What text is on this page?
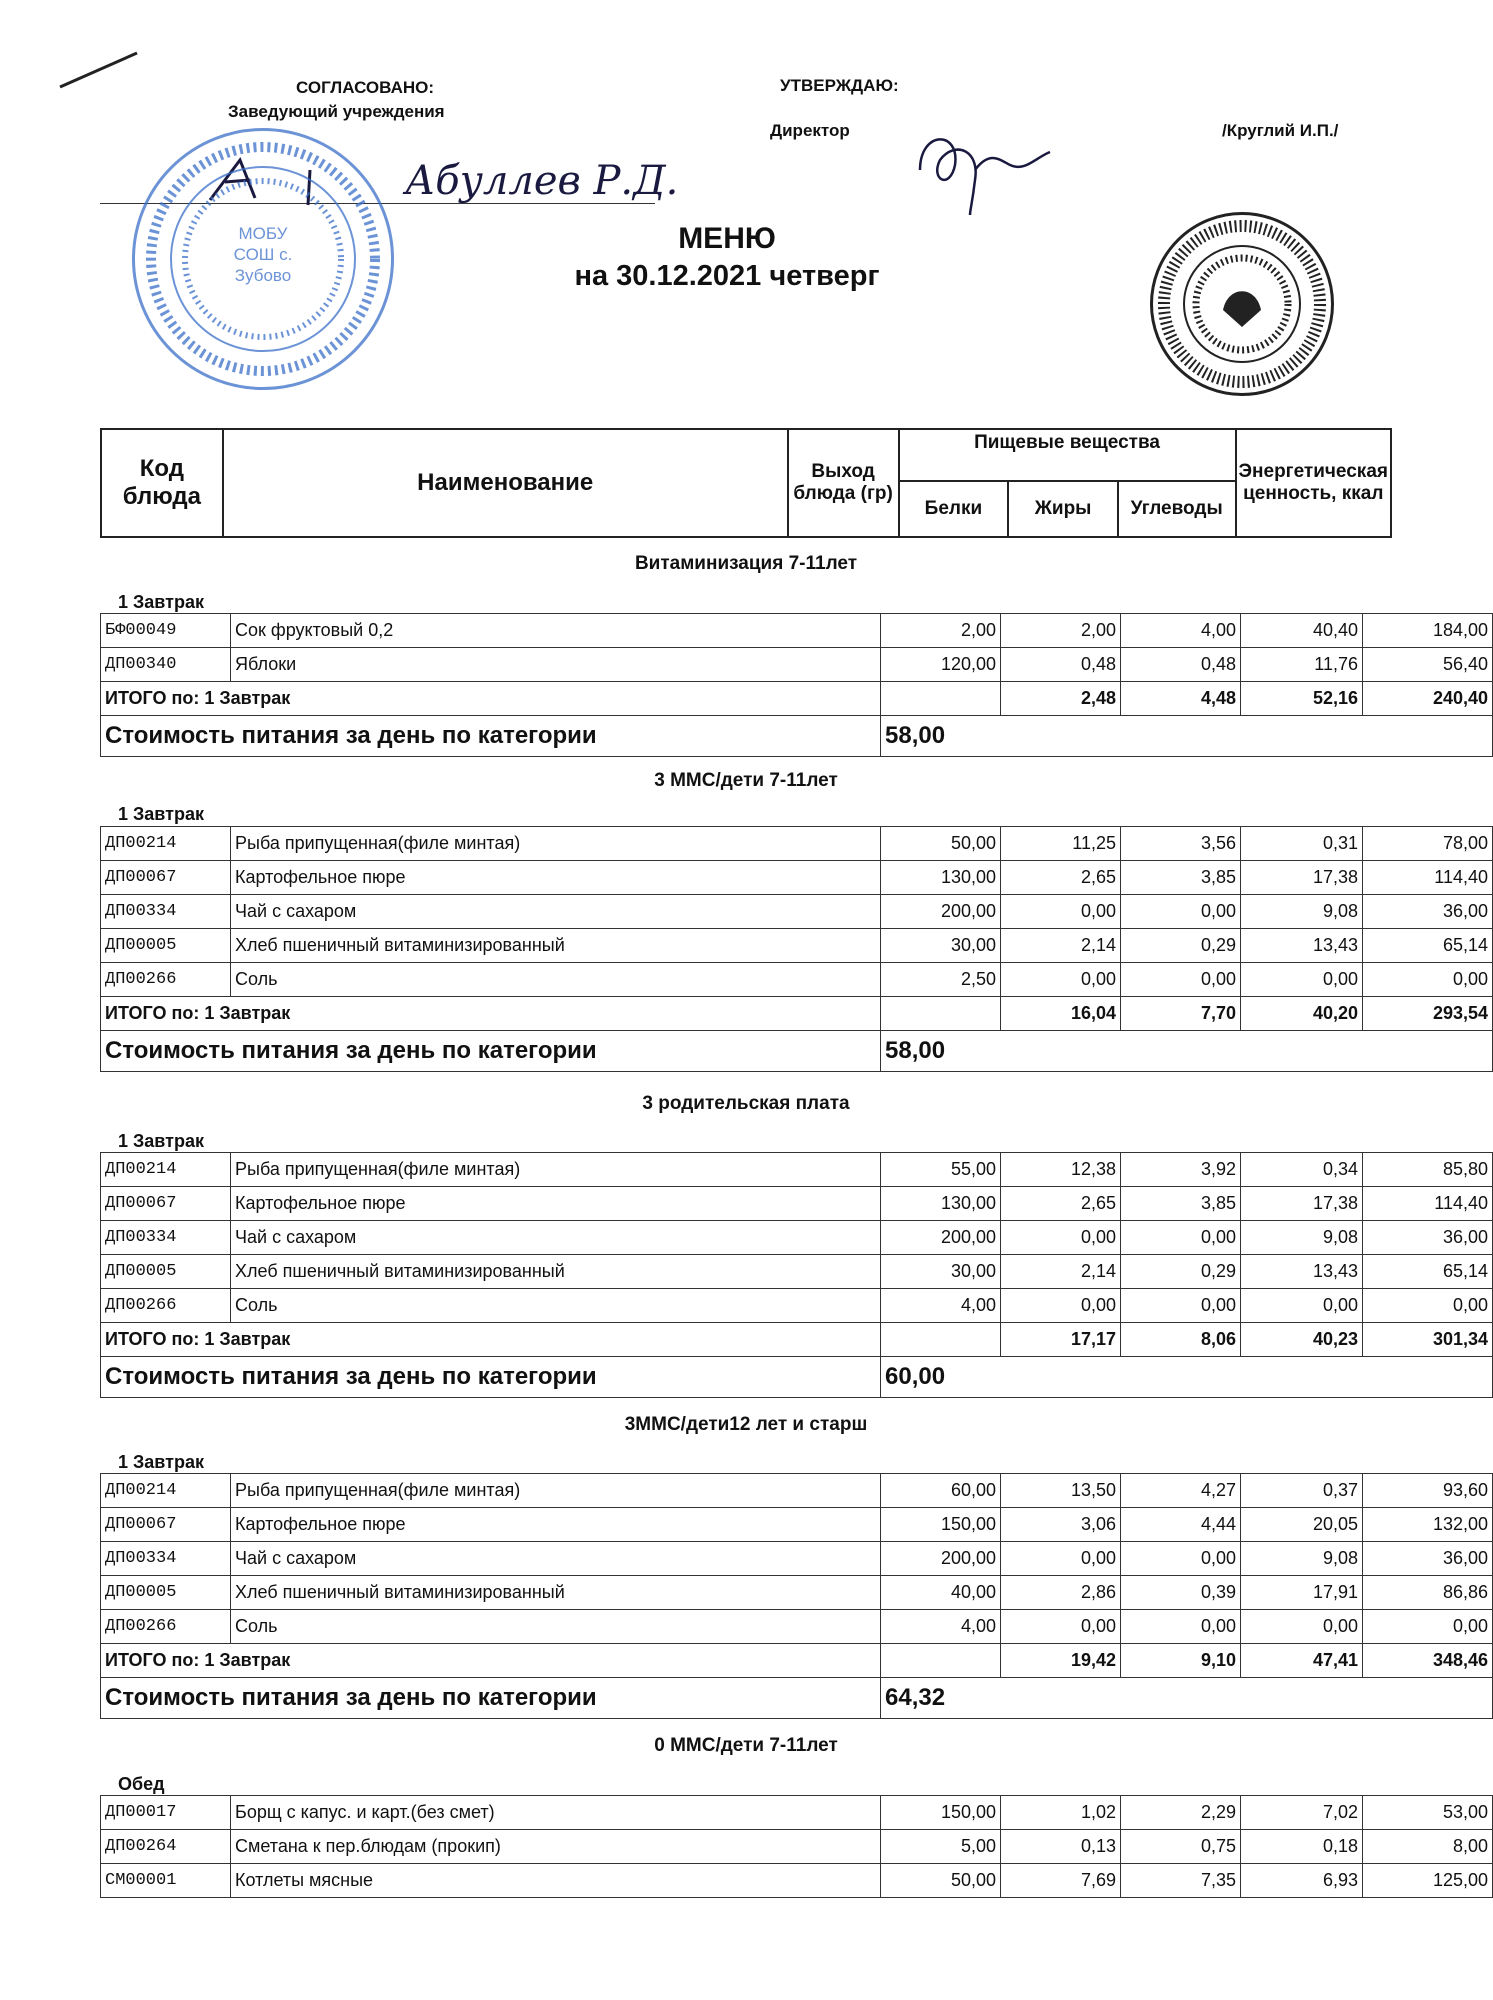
СОГЛАСОВАНО:
Заведующий учреждения
УТВЕРЖДАЮ:
Директор	/Круглий И.П./
Абуллев Р.Д.
МОБУ СОШ с. Зубово
МЕНЮ
на 30.12.2021 четверг
Код блюда	Наименование	Выход блюда (гр)	Пищевые вещества			Энергетическая ценность, ккал
			Белки	Жиры	Углеводы	
Витаминизация 7-11лет
1 Завтрак
БФ00049	Сок фруктовый 0,2	2,00	2,00	4,00	40,40	184,00
ДП00340	Яблоки	120,00	0,48	0,48	11,76	56,40
ИТОГО по: 1 Завтрак			2,48	4,48	52,16	240,40
Стоимость питания за день по категории		58,00				
3 ММС/дети 7-11лет
1 Завтрак
ДП00214	Рыба припущенная(филе минтая)	50,00	11,25	3,56	0,31	78,00
ДП00067	Картофельное пюре	130,00	2,65	3,85	17,38	114,40
ДП00334	Чай с сахаром	200,00	0,00	0,00	9,08	36,00
ДП00005	Хлеб пшеничный витаминизированный	30,00	2,14	0,29	13,43	65,14
ДП00266	Соль	2,50	0,00	0,00	0,00	0,00
ИТОГО по: 1 Завтрак			16,04	7,70	40,20	293,54
Стоимость питания за день по категории		58,00				
3 родительская плата
1 Завтрак
ДП00214	Рыба припущенная(филе минтая)	55,00	12,38	3,92	0,34	85,80
ДП00067	Картофельное пюре	130,00	2,65	3,85	17,38	114,40
ДП00334	Чай с сахаром	200,00	0,00	0,00	9,08	36,00
ДП00005	Хлеб пшеничный витаминизированный	30,00	2,14	0,29	13,43	65,14
ДП00266	Соль	4,00	0,00	0,00	0,00	0,00
ИТОГО по: 1 Завтрак			17,17	8,06	40,23	301,34
Стоимость питания за день по категории		60,00				
3ММС/дети12 лет и старш
1 Завтрак
ДП00214	Рыба припущенная(филе минтая)	60,00	13,50	4,27	0,37	93,60
ДП00067	Картофельное пюре	150,00	3,06	4,44	20,05	132,00
ДП00334	Чай с сахаром	200,00	0,00	0,00	9,08	36,00
ДП00005	Хлеб пшеничный витаминизированный	40,00	2,86	0,39	17,91	86,86
ДП00266	Соль	4,00	0,00	0,00	0,00	0,00
ИТОГО по: 1 Завтрак			19,42	9,10	47,41	348,46
Стоимость питания за день по категории		64,32				
0 ММС/дети 7-11лет
Обед
ДП00017	Борщ с капус. и карт.(без смет)	150,00	1,02	2,29	7,02	53,00
ДП00264	Сметана к пер.блюдам (прокип)	5,00	0,13	0,75	0,18	8,00
СМ00001	Котлеты мясные	50,00	7,69	7,35	6,93	125,00
